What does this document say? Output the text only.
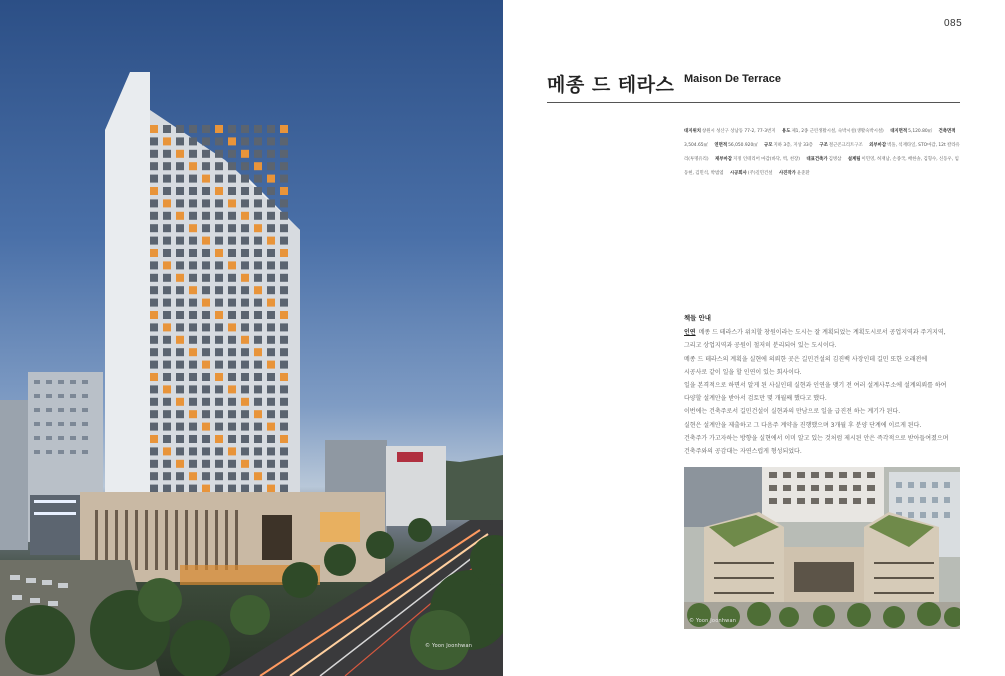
© Yoon Joonhwan
085
메종 드 테라스 Maison De Terrace
대지위치창원시 성산구 상남동 77-2, 77-3번지 용도제1, 2종 근린생활시설, 숙박시설(생활숙박시설) 대지면적5,120.80㎡ 건축면적3,504.65㎡ 연면적56,050.920㎡ 규모지하 3층, 지상 33층 구조철근콘크리트구조 외부마감벽돌, 석재타일, STO마감, 12t 칼라유리(투명유리) 재부마감지정 인테리어 마감(바닥, 벽, 천장) 대표건축가김병삼 설계팀이민영, 허재남, 손종국, 배한솔, 김형수, 신동우, 임동현, 김민석, 박범엽 시공회사(주)길민건설 사진작가윤준환
책들 안내

인연 메종 드 테라스가 위치할 창원이라는 도시는 잘 계획되었는 계획도시로서 공업지역과 주거지역,

그리고 상업지역과 공원이 철저히 분리되어 있는 도시이다.

메종 드 테라스의 계획을 실현에 의뢰한 곳은 길민건설의 김진백 사장인데 길민 또한 오래전에

시공사로 같이 일을 할 인연이 있는 회사이다.

일을 본격적으로 하면서 알게 된 사실인데 실현과 인연을 맺기 전 여러 설계사무소에 설계의뢰를 하여

다양할 설계안을 받아서 검토만 몇 개월째 했다고 했다.

이번에는 건축주로서 길민건설이 실현과의 만남으로 일을 급진전 하는 계기가 된다.

실현은 설계안을 제출하고 그 다음주 계약을 진행했으며 3개월 후 분양 단계에 이르게 된다.

건축주가 가고자하는 방향을 실현에서 이미 알고 있는 것처럼 제시된 안은 즉각적으로 받아들여졌으며

건축주와의 공감대는 자연스럽게 형성되었다.

© Yoon Joonhwan
